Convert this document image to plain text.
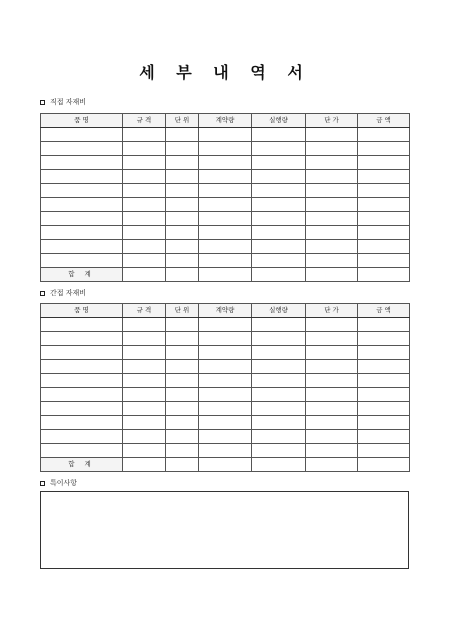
세 부 내 역 서
직접 자재비
품 명	규 격	단 위	계약량	실행량	단 가	금 액

합 계						
간접 자재비
품 명	규 격	단 위	계약량	실행량	단 가	금 액

합 계						
특이사항
